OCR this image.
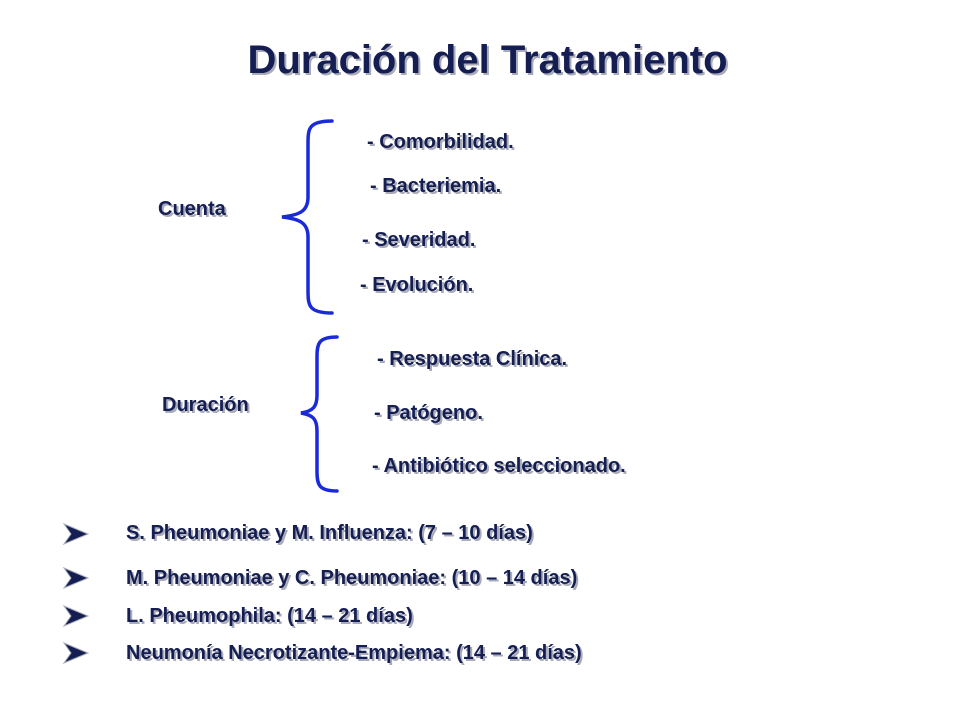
Duración del Tratamiento
Cuenta
- Comorbilidad.
- Bacteriemia.
- Severidad.
- Evolución.
Duración
- Respuesta Clínica.
- Patógeno.
- Antibiótico seleccionado.
S. Pheumoniae y M. Influenza: (7 – 10 días)
M. Pheumoniae y C. Pheumoniae: (10 – 14 días)
L. Pheumophila: (14 – 21 días)
Neumonía Necrotizante-Empiema: (14 – 21 días)
